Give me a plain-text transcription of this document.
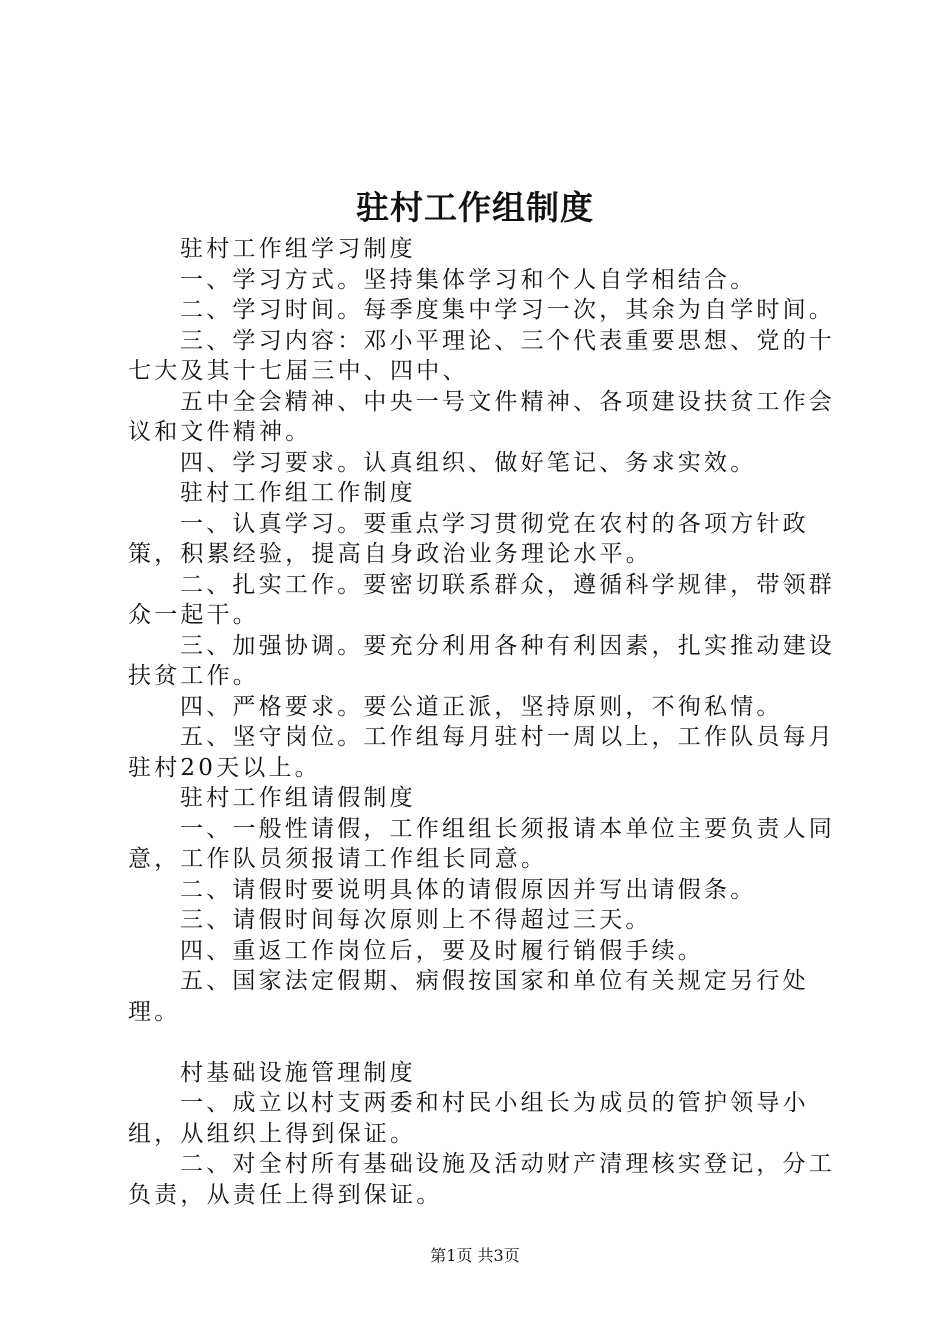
驻村工作组制度

驻村工作组学习制度

一、学习方式。坚持集体学习和个人自学相结合。

二、学习时间。每季度集中学习一次，其余为自学时间。

三、学习内容：邓小平理论、三个代表重要思想、党的十七大及其十七届三中、四中、

五中全会精神、中央一号文件精神、各项建设扶贫工作会议和文件精神。

四、学习要求。认真组织、做好笔记、务求实效。

驻村工作组工作制度

一、认真学习。要重点学习贯彻党在农村的各项方针政策，积累经验，提高自身政治业务理论水平。

二、扎实工作。要密切联系群众，遵循科学规律，带领群众一起干。

三、加强协调。要充分利用各种有利因素，扎实推动建设扶贫工作。

四、严格要求。要公道正派，坚持原则，不徇私情。

五、坚守岗位。工作组每月驻村一周以上，工作队员每月驻村20天以上。

驻村工作组请假制度

一、一般性请假，工作组组长须报请本单位主要负责人同意，工作队员须报请工作组长同意。

二、请假时要说明具体的请假原因并写出请假条。

三、请假时间每次原则上不得超过三天。

四、重返工作岗位后，要及时履行销假手续。

五、国家法定假期、病假按国家和单位有关规定另行处理。

村基础设施管理制度

一、成立以村支两委和村民小组长为成员的管护领导小组，从组织上得到保证。

二、对全村所有基础设施及活动财产清理核实登记，分工负责，从责任上得到保证。

第1页 共3页
